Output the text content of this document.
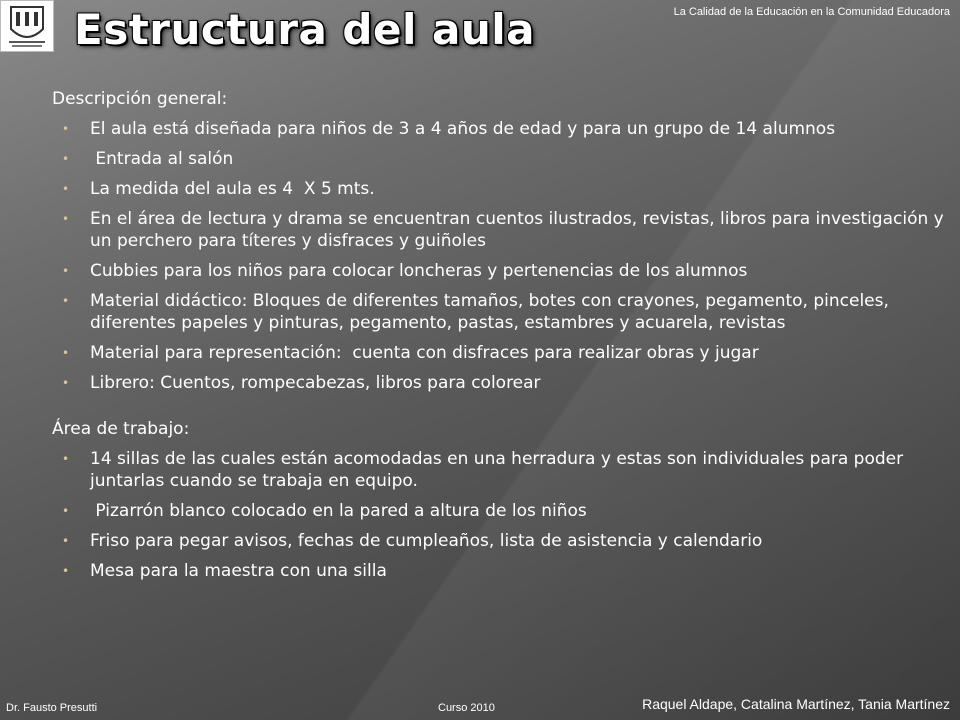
Estructura del aula	La Calidad de la Educación en la Comunidad Educadora
Descripción general:
• El aula está diseñada para niños de 3 a 4 años de edad y para un grupo de 14 alumnos
• Entrada al salón
• La medida del aula es 4  X 5 mts.
• En el área de lectura y drama se encuentran cuentos ilustrados, revistas, libros para investigación y un perchero para títeres y disfraces y guiñoles
• Cubbies para los niños para colocar loncheras y pertenencias de los alumnos
• Material didáctico: Bloques de diferentes tamaños, botes con crayones, pegamento, pinceles, diferentes papeles y pinturas, pegamento, pastas, estambres y acuarela, revistas
• Material para representación:  cuenta con disfraces para realizar obras y jugar
• Librero: Cuentos, rompecabezas, libros para colorear
Área de trabajo:
• 14 sillas de las cuales están acomodadas en una herradura y estas son individuales para poder juntarlas cuando se trabaja en equipo.
• Pizarrón blanco colocado en la pared a altura de los niños
• Friso para pegar avisos, fechas de cumpleaños, lista de asistencia y calendario
• Mesa para la maestra con una silla
Dr. Fausto Presutti	Curso 2010	Raquel Aldape, Catalina Martínez, Tania Martínez
